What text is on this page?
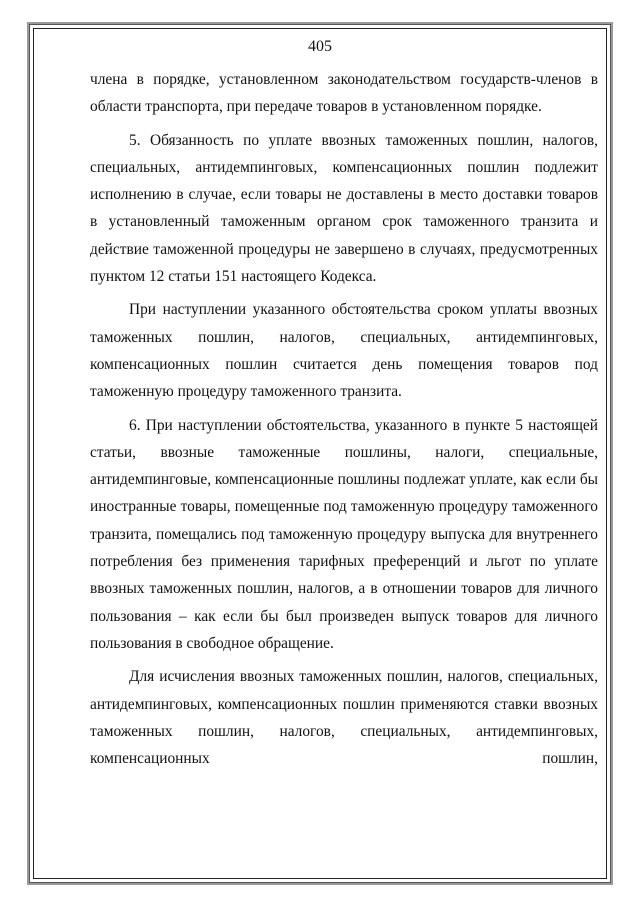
405

члена в порядке, установленном законодательством государств-членов в области транспорта, при передаче товаров в установленном порядке.

5. Обязанность по уплате ввозных таможенных пошлин, налогов, специальных, антидемпинговых, компенсационных пошлин подлежит исполнению в случае, если товары не доставлены в место доставки товаров в установленный таможенным органом срок таможенного транзита и действие таможенной процедуры не завершено в случаях, предусмотренных пунктом 12 статьи 151 настоящего Кодекса.

При наступлении указанного обстоятельства сроком уплаты ввозных таможенных пошлин, налогов, специальных, антидемпинговых, компенсационных пошлин считается день помещения товаров под таможенную процедуру таможенного транзита.

6. При наступлении обстоятельства, указанного в пункте 5 настоящей статьи, ввозные таможенные пошлины, налоги, специальные, антидемпинговые, компенсационные пошлины подлежат уплате, как если бы иностранные товары, помещенные под таможенную процедуру таможенного транзита, помещались под таможенную процедуру выпуска для внутреннего потребления без применения тарифных преференций и льгот по уплате ввозных таможенных пошлин, налогов, а в отношении товаров для личного пользования – как если бы был произведен выпуск товаров для личного пользования в свободное обращение.

Для исчисления ввозных таможенных пошлин, налогов, специальных, антидемпинговых, компенсационных пошлин применяются ставки ввозных таможенных пошлин, налогов, специальных, антидемпинговых, компенсационных пошлин,
